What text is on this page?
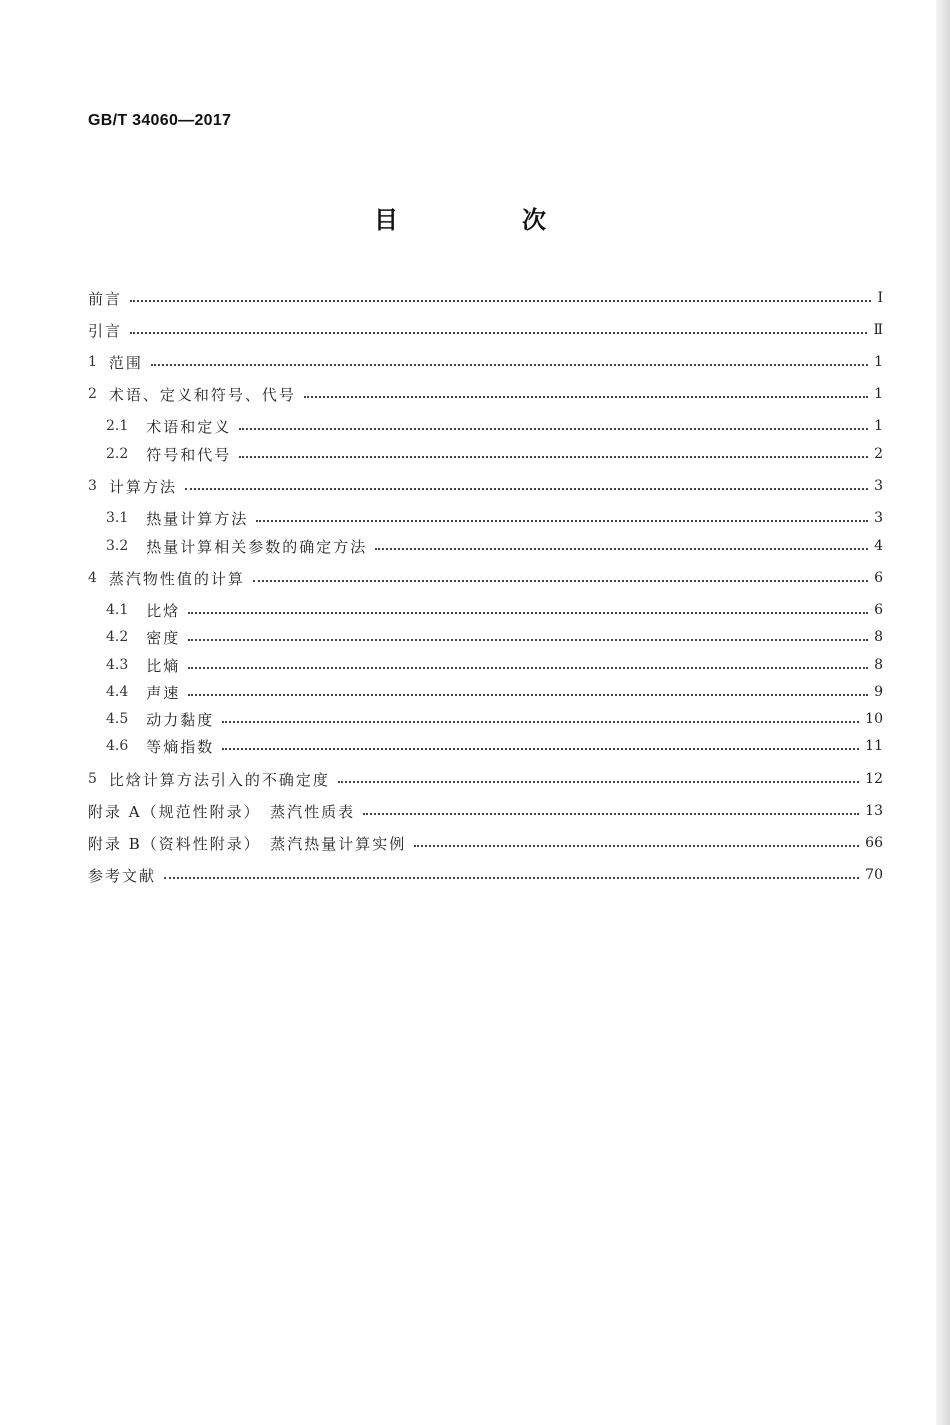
GB/T 34060—2017
目　次
前言	Ⅰ
引言	Ⅱ
1 范围	1
2 术语、定义和符号、代号	1
2.1 术语和定义	1
2.2 符号和代号	2
3 计算方法	3
3.1 热量计算方法	3
3.2 热量计算相关参数的确定方法	4
4 蒸汽物性值的计算	6
4.1 比焓	6
4.2 密度	8
4.3 比熵	8
4.4 声速	9
4.5 动力黏度	10
4.6 等熵指数	11
5 比焓计算方法引入的不确定度	12
附录 A（规范性附录）　蒸汽性质表	13
附录 B（资料性附录）　蒸汽热量计算实例	66
参考文献	70
